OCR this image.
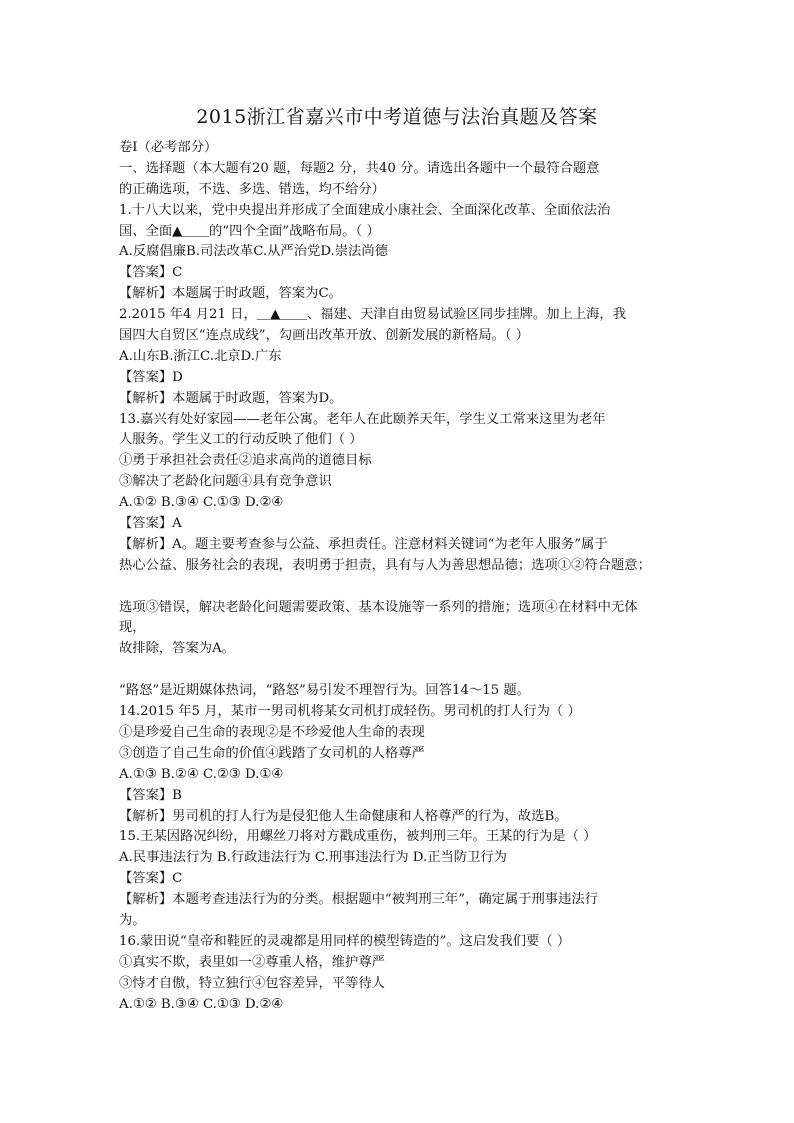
2015浙江省嘉兴市中考道德与法治真题及答案
卷Ⅰ（必考部分）
一、选择题（本大题有20 题，每题2 分，共40 分。请选出各题中一个最符合题意
的正确选项，不选、多选、错选，均不给分）
1.十八大以来，党中央提出并形成了全面建成小康社会、全面深化改革、全面依法治
国、全面▲＿＿的“四个全面”战略布局。（ ）
A.反腐倡廉B.司法改革C.从严治党D.崇法尚德
【答案】C
【解析】本题属于时政题，答案为C。
2.2015 年4 月21 日，＿▲＿＿、福建、天津自由贸易试验区同步挂牌。加上上海，我
国四大自贸区“连点成线”，勾画出改革开放、创新发展的新格局。（ ）
A.山东B.浙江C.北京D.广东
【答案】D
【解析】本题属于时政题，答案为D。
13.嘉兴有处好家园——老年公寓。老年人在此颐养天年，学生义工常来这里为老年
人服务。学生义工的行动反映了他们（ ）
①勇于承担社会责任②追求高尚的道德目标
③解决了老龄化问题④具有竞争意识
A.①② B.③④ C.①③ D.②④
【答案】A
【解析】A。题主要考查参与公益、承担责任。注意材料关键词“为老年人服务”属于
热心公益、服务社会的表现，表明勇于担责，具有与人为善思想品德；选项①②符合题意；
选项③错误，解决老龄化问题需要政策、基本设施等一系列的措施；选项④在材料中无体
现，
故排除，答案为A。
“路怒”是近期媒体热词，“路怒”易引发不理智行为。回答14～15 题。
14.2015 年5 月，某市一男司机将某女司机打成轻伤。男司机的打人行为（ ）
①是珍爱自己生命的表现②是不珍爱他人生命的表现
③创造了自己生命的价值④践踏了女司机的人格尊严
A.①③ B.②④ C.②③ D.①④
【答案】B
【解析】男司机的打人行为是侵犯他人生命健康和人格尊严的行为，故选B。
15.王某因路况纠纷，用螺丝刀将对方戳成重伤，被判刑三年。王某的行为是（ ）
A.民事违法行为 B.行政违法行为 C.刑事违法行为 D.正当防卫行为
【答案】C
【解析】本题考查违法行为的分类。根据题中“被判刑三年”，确定属于刑事违法行
为。
16.蒙田说“皇帝和鞋匠的灵魂都是用同样的模型铸造的”。这启发我们要（ ）
①真实不欺，表里如一②尊重人格，维护尊严
③恃才自傲，特立独行④包容差异，平等待人
A.①② B.③④ C.①③ D.②④
